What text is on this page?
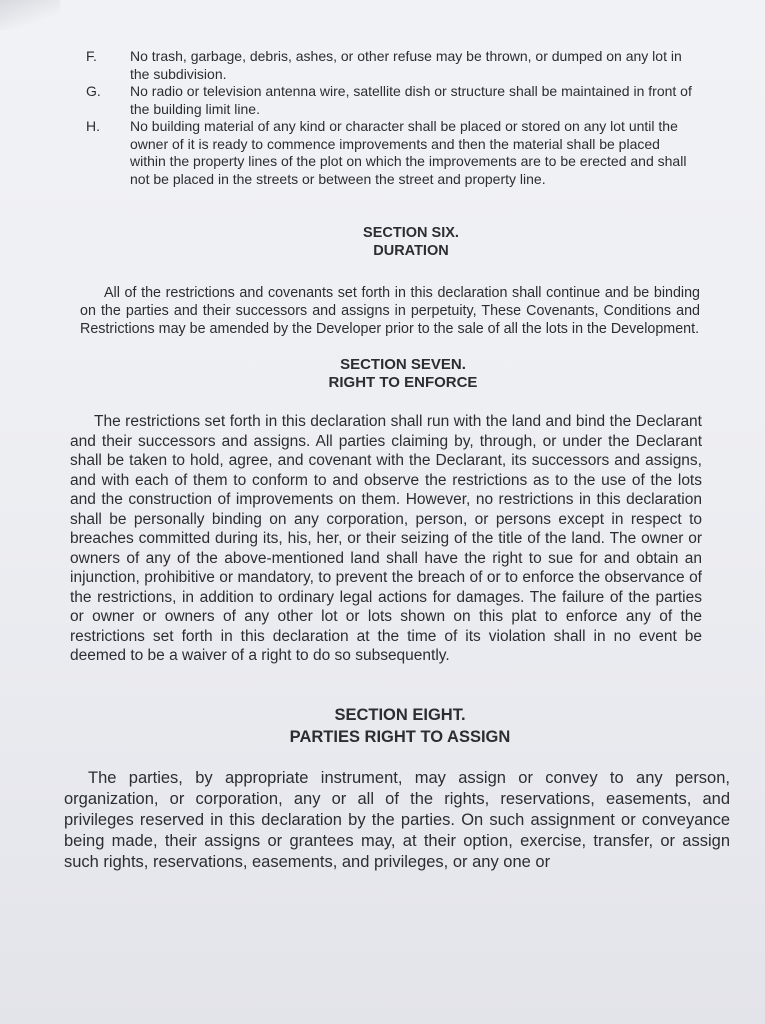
F.	No trash, garbage, debris, ashes, or other refuse may be thrown, or dumped on any lot in the subdivision.
G.	No radio or television antenna wire, satellite dish or structure shall be maintained in front of the building limit line.
H.	No building material of any kind or character shall be placed or stored on any lot until the owner of it is ready to commence improvements and then the material shall be placed within the property lines of the plot on which the improvements are to be erected and shall not be placed in the streets or between the street and property line.
SECTION SIX.
DURATION
All of the restrictions and covenants set forth in this declaration shall continue and be binding on the parties and their successors and assigns in perpetuity, These Covenants, Conditions and Restrictions may be amended by the Developer prior to the sale of all the lots in the Development.
SECTION SEVEN.
RIGHT TO ENFORCE
The restrictions set forth in this declaration shall run with the land and bind the Declarant and their successors and assigns. All parties claiming by, through, or under the Declarant shall be taken to hold, agree, and covenant with the Declarant, its successors and assigns, and with each of them to conform to and observe the restrictions as to the use of the lots and the construction of improvements on them. However, no restrictions in this declaration shall be personally binding on any corporation, person, or persons except in respect to breaches committed during its, his, her, or their seizing of the title of the land. The owner or owners of any of the above-mentioned land shall have the right to sue for and obtain an injunction, prohibitive or mandatory, to prevent the breach of or to enforce the observance of the restrictions, in addition to ordinary legal actions for damages. The failure of the parties or owner or owners of any other lot or lots shown on this plat to enforce any of the restrictions set forth in this declaration at the time of its violation shall in no event be deemed to be a waiver of a right to do so subsequently.
SECTION EIGHT.
PARTIES RIGHT TO ASSIGN
The parties, by appropriate instrument, may assign or convey to any person, organization, or corporation, any or all of the rights, reservations, easements, and privileges reserved in this declaration by the parties. On such assignment or conveyance being made, their assigns or grantees may, at their option, exercise, transfer, or assign such rights, reservations, easements, and privileges, or any one or
